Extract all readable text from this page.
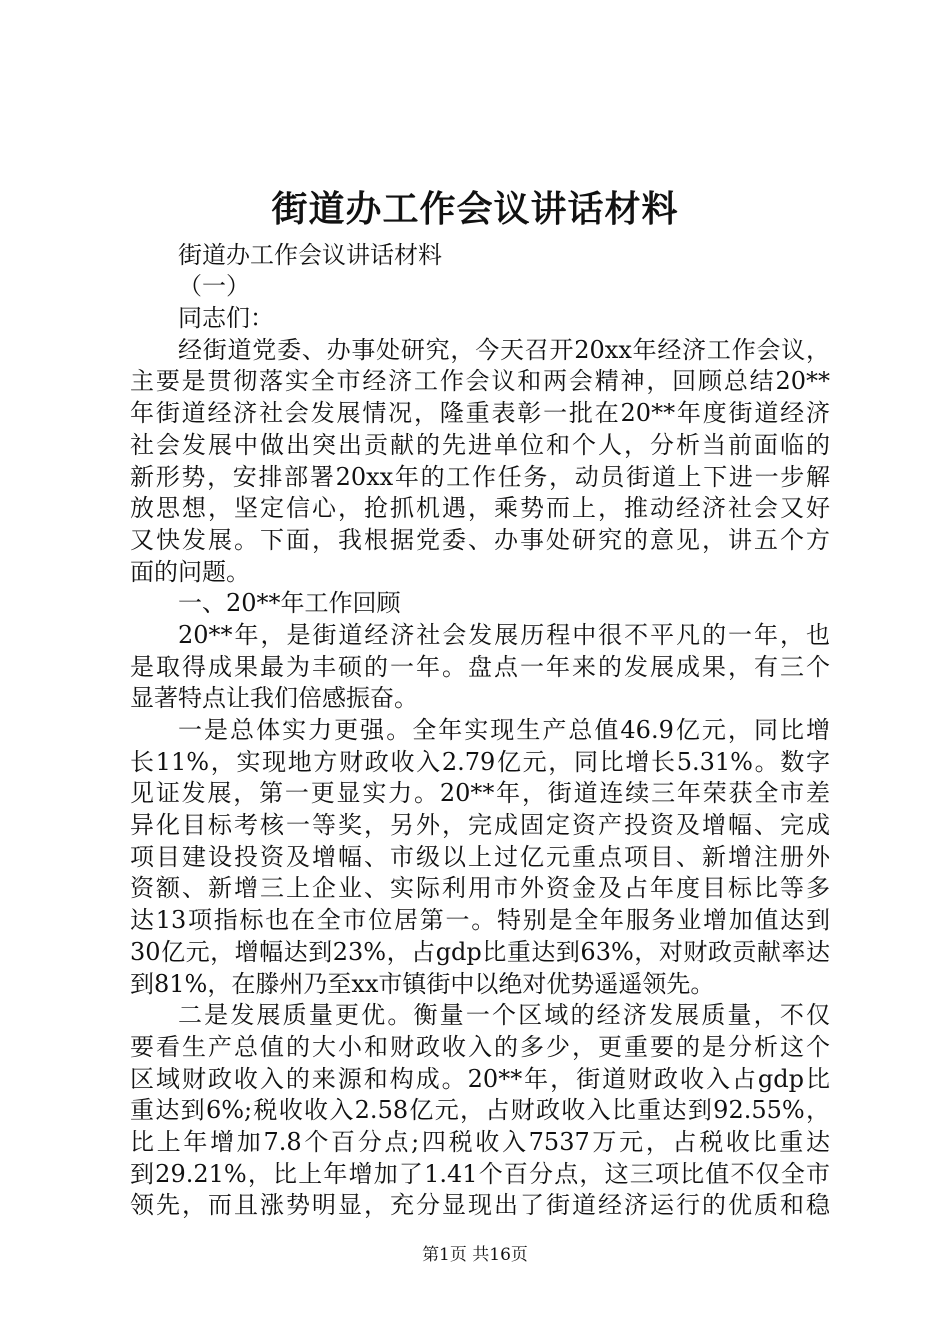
街道办工作会议讲话材料
街道办工作会议讲话材料
（一）
同志们：
经街道党委、办事处研究，今天召开20xx年经济工作会议，
主要是贯彻落实全市经济工作会议和两会精神，回顾总结20**
年街道经济社会发展情况，隆重表彰一批在20**年度街道经济
社会发展中做出突出贡献的先进单位和个人，分析当前面临的
新形势，安排部署20xx年的工作任务，动员街道上下进一步解
放思想，坚定信心，抢抓机遇，乘势而上，推动经济社会又好
又快发展。下面，我根据党委、办事处研究的意见，讲五个方
面的问题。
一、20**年工作回顾
20**年，是街道经济社会发展历程中很不平凡的一年，也
是取得成果最为丰硕的一年。盘点一年来的发展成果，有三个
显著特点让我们倍感振奋。
一是总体实力更强。全年实现生产总值46.9亿元，同比增
长11%，实现地方财政收入2.79亿元，同比增长5.31%。数字
见证发展，第一更显实力。20**年，街道连续三年荣获全市差
异化目标考核一等奖，另外，完成固定资产投资及增幅、完成
项目建设投资及增幅、市级以上过亿元重点项目、新增注册外
资额、新增三上企业、实际利用市外资金及占年度目标比等多
达13项指标也在全市位居第一。特别是全年服务业增加值达到
30亿元，增幅达到23%，占gdp比重达到63%，对财政贡献率达
到81%，在滕州乃至xx市镇街中以绝对优势遥遥领先。
二是发展质量更优。衡量一个区域的经济发展质量，不仅
要看生产总值的大小和财政收入的多少，更重要的是分析这个
区域财政收入的来源和构成。20**年，街道财政收入占gdp比
重达到6%;税收收入2.58亿元，占财政收入比重达到92.55%，
比上年增加7.8个百分点;四税收入7537万元，占税收比重达
到29.21%，比上年增加了1.41个百分点，这三项比值不仅全市
领先，而且涨势明显，充分显现出了街道经济运行的优质和稳
第1页 共16页
